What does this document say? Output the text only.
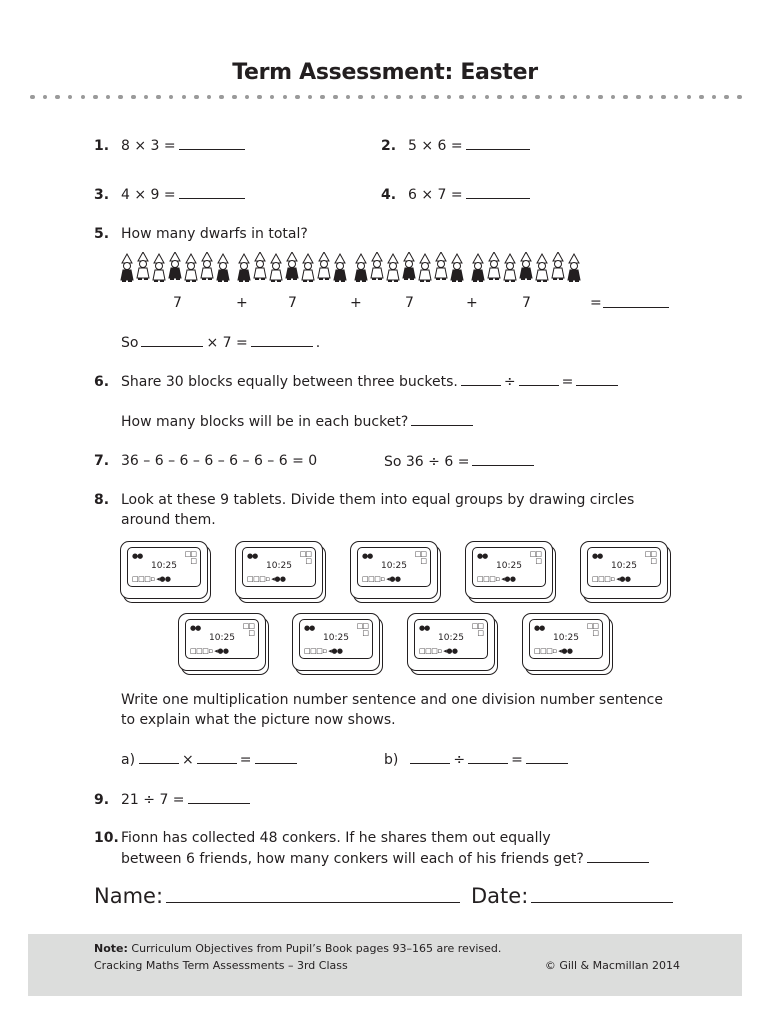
Term Assessment: Easter
1. 8 × 3 =	2. 5 × 6 =
3. 4 × 9 =	4. 6 × 7 =
5. How many dwarfs in total?
7	+	7	+	7	+	7	=
So	× 7 =	.
6. Share 30 blocks equally between three buckets.	÷	=
How many blocks will be in each bucket?
7. 36 – 6 – 6 – 6 – 6 – 6 – 6 = 0	So 36 ÷ 6 =
8. Look at these 9 tablets. Divide them into equal groups by drawing circles
around them.
●●	□□
□
10:25
□□□▫ ◂●●
●●	□□
□
10:25
□□□▫ ◂●●
●●	□□
□
10:25
□□□▫ ◂●●
●●	□□
□
10:25
□□□▫ ◂●●
●●	□□
□
10:25
□□□▫ ◂●●
●●	□□
□
10:25
□□□▫ ◂●●
●●	□□
□
10:25
□□□▫ ◂●●
●●	□□
□
10:25
□□□▫ ◂●●
●●	□□
□
10:25
□□□▫ ◂●●
Write one multiplication number sentence and one division number sentence
to explain what the picture now shows.
a)	×	=	b)	÷	=
9. 21 ÷ 7 =
10. Fionn has collected 48 conkers. If he shares them out equally
between 6 friends, how many conkers will each of his friends get?
Name:	Date:
Note: Curriculum Objectives from Pupil’s Book pages 93–165 are revised.
Cracking Maths Term Assessments – 3rd Class	© Gill & Macmillan 2014
